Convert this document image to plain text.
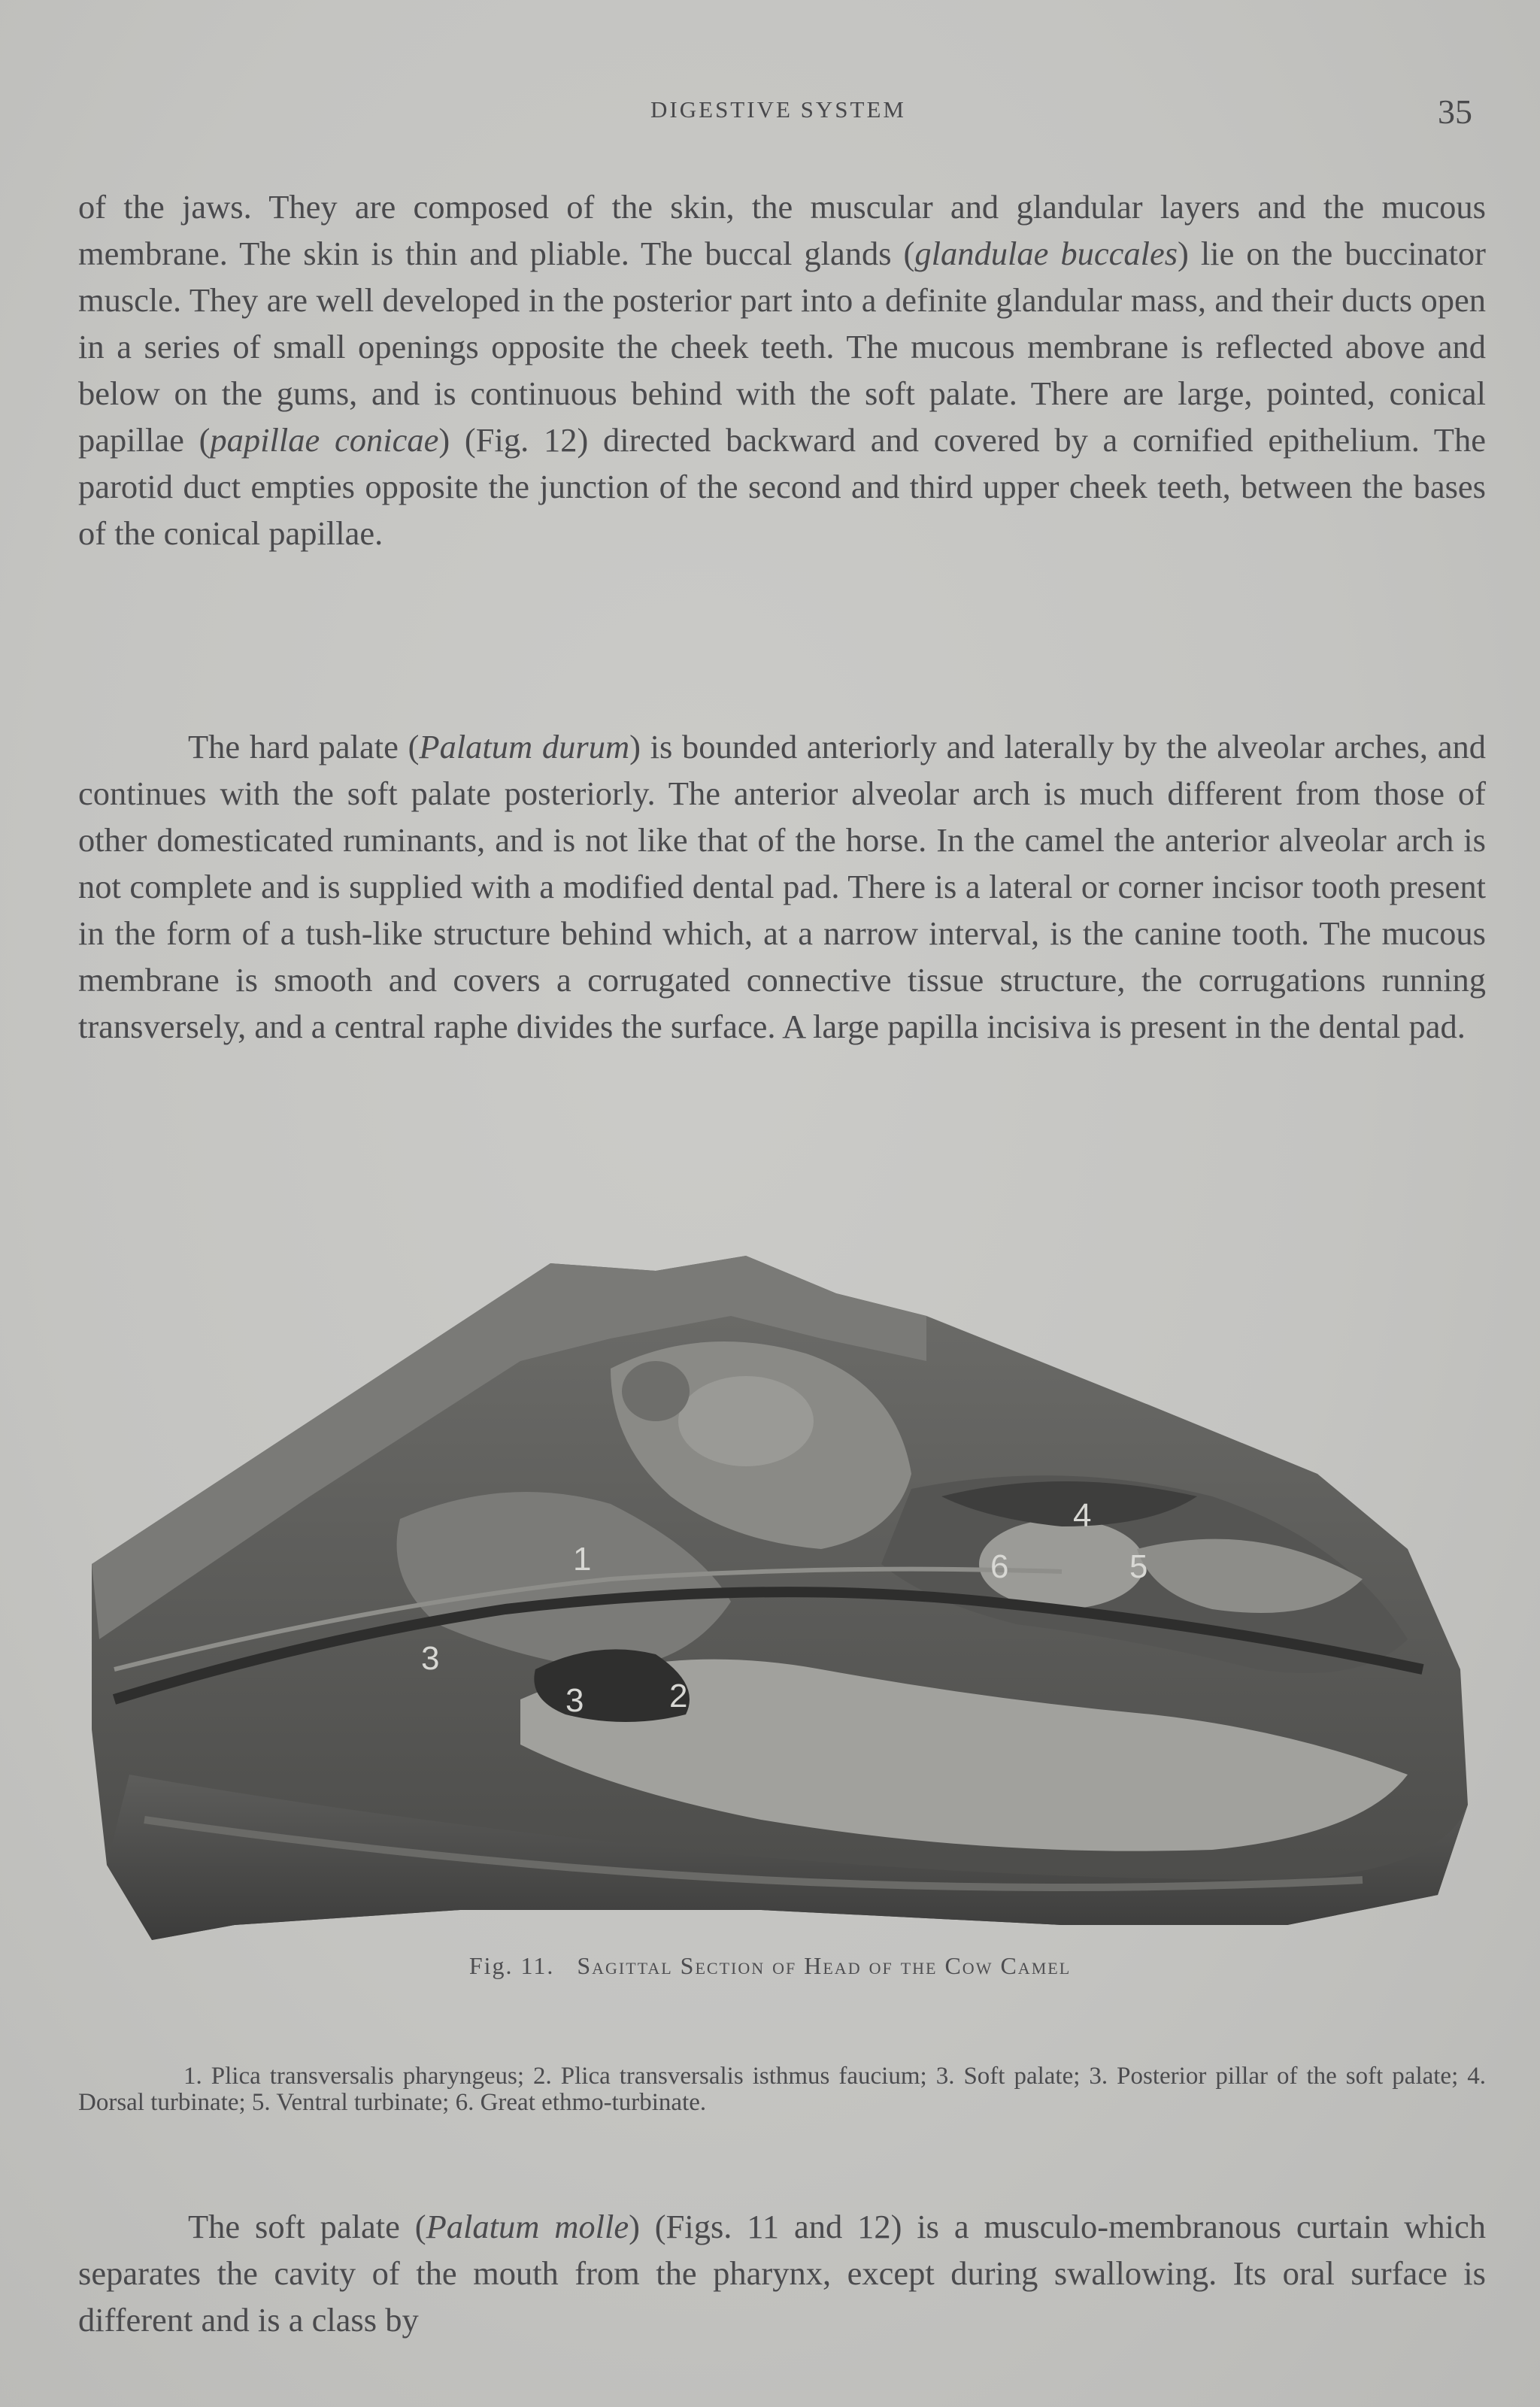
DIGESTIVE SYSTEM	35
of the jaws. They are composed of the skin, the muscular and glandular layers and the mucous membrane. The skin is thin and pliable. The buccal glands (glandulae buccales) lie on the buccinator muscle. They are well developed in the posterior part into a definite glandular mass, and their ducts open in a series of small openings opposite the cheek teeth. The mucous membrane is reflected above and below on the gums, and is continuous behind with the soft palate. There are large, pointed, conical papillae (papillae conicae) (Fig. 12) directed backward and covered by a cornified epithelium. The parotid duct empties opposite the junction of the second and third upper cheek teeth, between the bases of the conical papillae.
The hard palate (Palatum durum) is bounded anteriorly and laterally by the alveolar arches, and continues with the soft palate posteriorly. The anterior alveolar arch is much different from those of other domesticated ruminants, and is not like that of the horse. In the camel the anterior alveolar arch is not complete and is supplied with a modified dental pad. There is a lateral or corner incisor tooth present in the form of a tush-like structure behind which, at a narrow interval, is the canine tooth. The mucous membrane is smooth and covers a corrugated connective tissue structure, the corrugations running transversely, and a central raphe divides the surface. A large papilla incisiva is present in the dental pad.
1
2
3
3
4
5
6
Fig. 11. Sagittal Section of Head of the Cow Camel
1. Plica transversalis pharyngeus; 2. Plica transversalis isthmus faucium; 3. Soft palate; 3. Posterior pillar of the soft palate; 4. Dorsal turbinate; 5. Ventral turbinate; 6. Great ethmo-turbinate.
The soft palate (Palatum molle) (Figs. 11 and 12) is a musculo-membranous curtain which separates the cavity of the mouth from the pharynx, except during swallowing. Its oral surface is different and is a class by
